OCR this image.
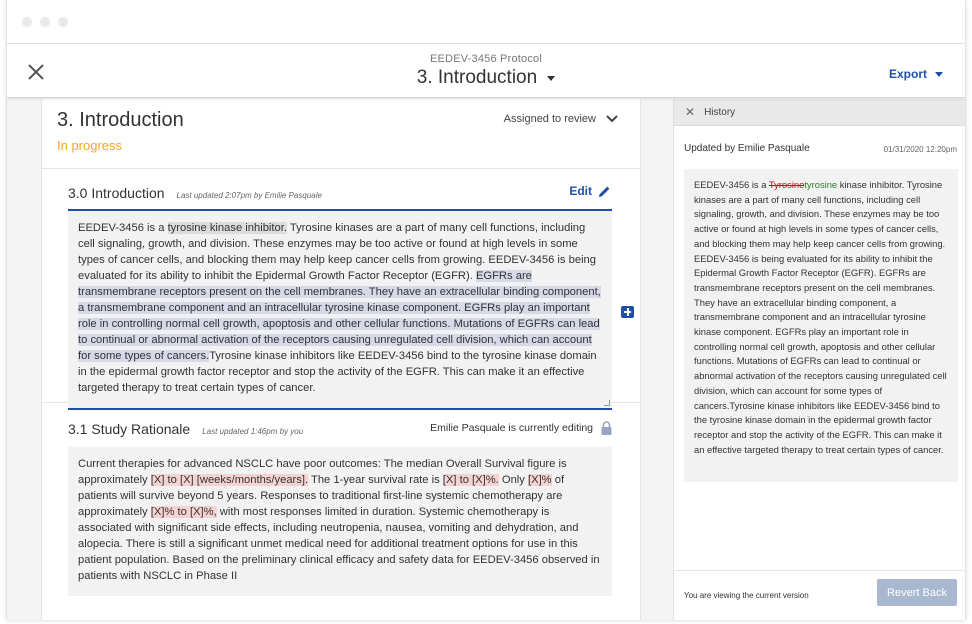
EEDEV-3456 Protocol
3. Introduction	Export
3. Introduction
In progress
Assigned to review
3.0 Introduction Last updated 2:07pm by Emilie Pasquale	Edit
EEDEV-3456 is a tyrosine kinase inhibitor. Tyrosine kinases are a part of many cell functions, including cell signaling, growth, and division. These enzymes may be too active or found at high levels in some types of cancer cells, and blocking them may help keep cancer cells from growing. EEDEV-3456 is being evaluated for its ability to inhibit the Epidermal Growth Factor Receptor (EGFR). EGFRs are transmembrane receptors present on the cell membranes. They have an extracellular binding component, a transmembrane component and an intracellular tyrosine kinase component. EGFRs play an important role in controlling normal cell growth, apoptosis and other cellular functions. Mutations of EGFRs can lead to continual or abnormal activation of the receptors causing unregulated cell division, which can account for some types of cancers.Tyrosine kinase inhibitors like EEDEV-3456 bind to the tyrosine kinase domain in the epidermal growth factor receptor and stop the activity of the EGFR. This can make it an effective targeted therapy to treat certain types of cancer.
3.1 Study Rationale Last updated 1:46pm by you	Emilie Pasquale is currently editing
Current therapies for advanced NSCLC have poor outcomes: The median Overall Survival figure is approximately [X] to [X] [weeks/months/years]. The 1-year survival rate is [X] to [X]%. Only [X]% of patients will survive beyond 5 years. Responses to traditional first-line systemic chemotherapy are approximately [X]% to [X]%, with most responses limited in duration. Systemic chemotherapy is associated with significant side effects, including neutropenia, nausea, vomiting and dehydration, and alopecia. There is still a significant unmet medical need for additional treatment options for use in this patient population. Based on the preliminary clinical efficacy and safety data for EEDEV-3456 observed in patients with NSCLC in Phase II
✕ History
Updated by Emilie Pasquale	01/31/2020 12:20pm
EEDEV-3456 is a Tyrosinetyrosine kinase inhibitor. Tyrosine kinases are a part of many cell functions, including cell signaling, growth, and division. These enzymes may be too active or found at high levels in some types of cancer cells, and blocking them may help keep cancer cells from growing. EEDEV-3456 is being evaluated for its ability to inhibit the Epidermal Growth Factor Receptor (EGFR). EGFRs are transmembrane receptors present on the cell membranes. They have an extracellular binding component, a transmembrane component and an intracellular tyrosine kinase component. EGFRs play an important role in controlling normal cell growth, apoptosis and other cellular functions. Mutations of EGFRs can lead to continual or abnormal activation of the receptors causing unregulated cell division, which can account for some types of cancers.Tyrosine kinase inhibitors like EEDEV-3456 bind to the tyrosine kinase domain in the epidermal growth factor receptor and stop the activity of the EGFR. This can make it an effective targeted therapy to treat certain types of cancer.
You are viewing the current version	Revert Back
